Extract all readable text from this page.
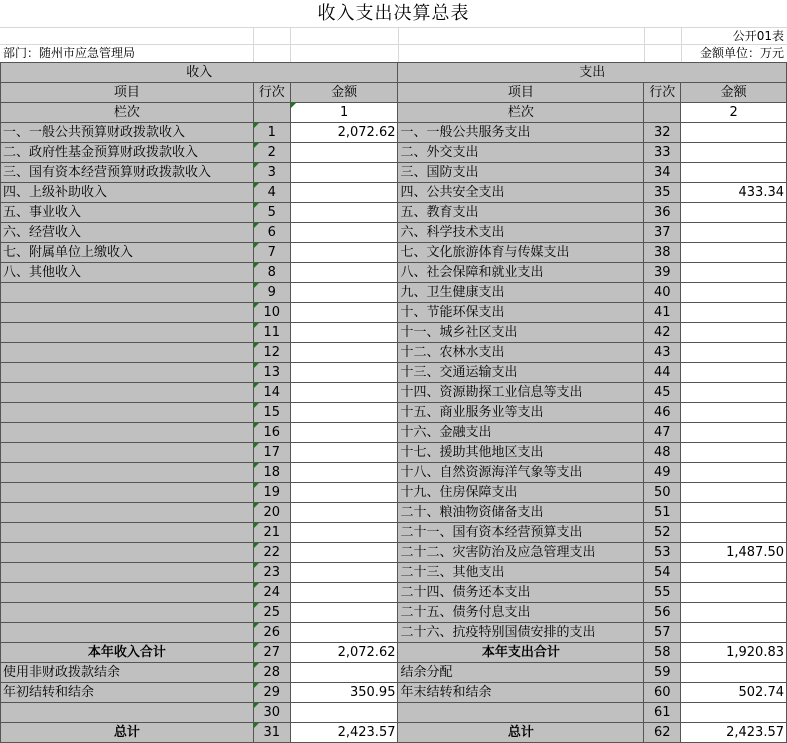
收入支出决算总表
公开01表
部门：随州市应急管理局	金额单位：万元
收入			支出		
项目	行次	金额	项目	行次	金额
栏次		1	栏次		2
一、一般公共预算财政拨款收入	1	2,072.62	一、一般公共服务支出	32	
二、政府性基金预算财政拨款收入	2		二、外交支出	33	
三、国有资本经营预算财政拨款收入	3		三、国防支出	34	
四、上级补助收入	4		四、公共安全支出	35	433.34
五、事业收入	5		五、教育支出	36	
六、经营收入	6		六、科学技术支出	37	
七、附属单位上缴收入	7		七、文化旅游体育与传媒支出	38	
八、其他收入	8		八、社会保障和就业支出	39	
	9		九、卫生健康支出	40	
	10		十、节能环保支出	41	
	11		十一、城乡社区支出	42	
	12		十二、农林水支出	43	
	13		十三、交通运输支出	44	
	14		十四、资源勘探工业信息等支出	45	
	15		十五、商业服务业等支出	46	
	16		十六、金融支出	47	
	17		十七、援助其他地区支出	48	
	18		十八、自然资源海洋气象等支出	49	
	19		十九、住房保障支出	50	
	20		二十、粮油物资储备支出	51	
	21		二十一、国有资本经营预算支出	52	
	22		二十二、灾害防治及应急管理支出	53	1,487.50
	23		二十三、其他支出	54	
	24		二十四、债务还本支出	55	
	25		二十五、债务付息支出	56	
	26		二十六、抗疫特别国债安排的支出	57	
本年收入合计	27	2,072.62	本年支出合计	58	1,920.83
使用非财政拨款结余	28		结余分配	59	
年初结转和结余	29	350.95	年末结转和结余	60	502.74
	30			61	
总计	31	2,423.57	总计	62	2,423.57
